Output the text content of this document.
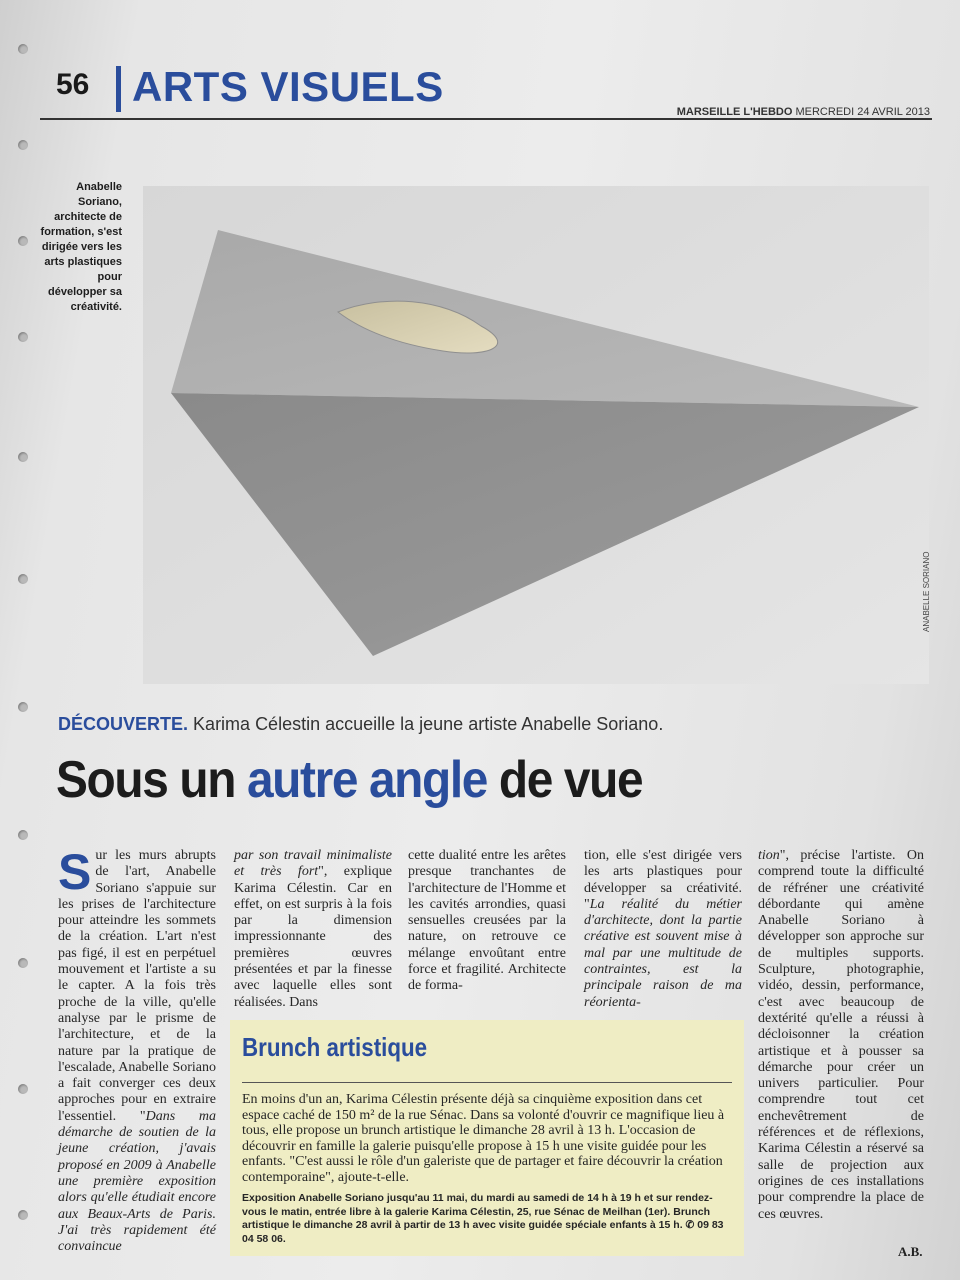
56 ARTS VISUELS
MARSEILLE L'HEBDO MERCREDI 24 AVRIL 2013
Anabelle Soriano, architecte de formation, s'est dirigée vers les arts plastiques pour développer sa créativité.
ANABELLE SORIANO
DÉCOUVERTE. Karima Célestin accueille la jeune artiste Anabelle Soriano.
Sous un autre angle de vue

Sur les murs abrupts de l'art, Anabelle Soriano s'appuie sur les prises de l'architecture pour atteindre les sommets de la création. L'art n'est pas figé, il est en perpétuel mouvement et l'artiste a su le capter. A la fois très proche de la ville, qu'elle analyse par le prisme de l'architecture, et de la nature par la pratique de l'escalade, Anabelle Soriano a fait converger ces deux approches pour en extraire l'essentiel. "Dans ma démarche de soutien de la jeune création, j'avais proposé en 2009 à Anabelle une première exposition alors qu'elle étudiait encore aux Beaux-Arts de Paris. J'ai très rapidement été convaincue

par son travail minimaliste et très fort", explique Karima Célestin. Car en effet, on est surpris à la fois par la dimension impressionnante des premières œuvres présentées et par la finesse avec laquelle elles sont réalisées. Dans

cette dualité entre les arêtes presque tranchantes de l'architecture de l'Homme et les cavités arrondies, quasi sensuelles creusées par la nature, on retrouve ce mélange envoûtant entre force et fragilité. Architecte de forma-

tion, elle s'est dirigée vers les arts plastiques pour développer sa créativité. "La réalité du métier d'architecte, dont la partie créative est souvent mise à mal par une multitude de contraintes, est la principale raison de ma réorienta-

tion", précise l'artiste. On comprend toute la difficulté de réfréner une créativité débordante qui amène Anabelle Soriano à développer son approche sur de multiples supports. Sculpture, photographie, vidéo, dessin, performance, c'est avec beaucoup de dextérité qu'elle a réussi à décloisonner la création artistique et à pousser sa démarche pour créer un univers particulier. Pour comprendre tout cet enchevêtrement de références et de réflexions, Karima Célestin a réservé sa salle de projection aux origines de ces installations pour comprendre la place de ces œuvres.

A.B.
Brunch artistique
En moins d'un an, Karima Célestin présente déjà sa cinquième exposition dans cet espace caché de 150 m² de la rue Sénac. Dans sa volonté d'ouvrir ce magnifique lieu à tous, elle propose un brunch artistique le dimanche 28 avril à 13 h. L'occasion de découvrir en famille la galerie puisqu'elle propose à 15 h une visite guidée pour les enfants. "C'est aussi le rôle d'un galeriste que de partager et faire découvrir la création contemporaine", ajoute-t-elle.
Exposition Anabelle Soriano jusqu'au 11 mai, du mardi au samedi de 14 h à 19 h et sur rendez-vous le matin, entrée libre à la galerie Karima Célestin, 25, rue Sénac de Meilhan (1er). Brunch artistique le dimanche 28 avril à partir de 13 h avec visite guidée spéciale enfants à 15 h. ✆ 09 83 04 58 06.
